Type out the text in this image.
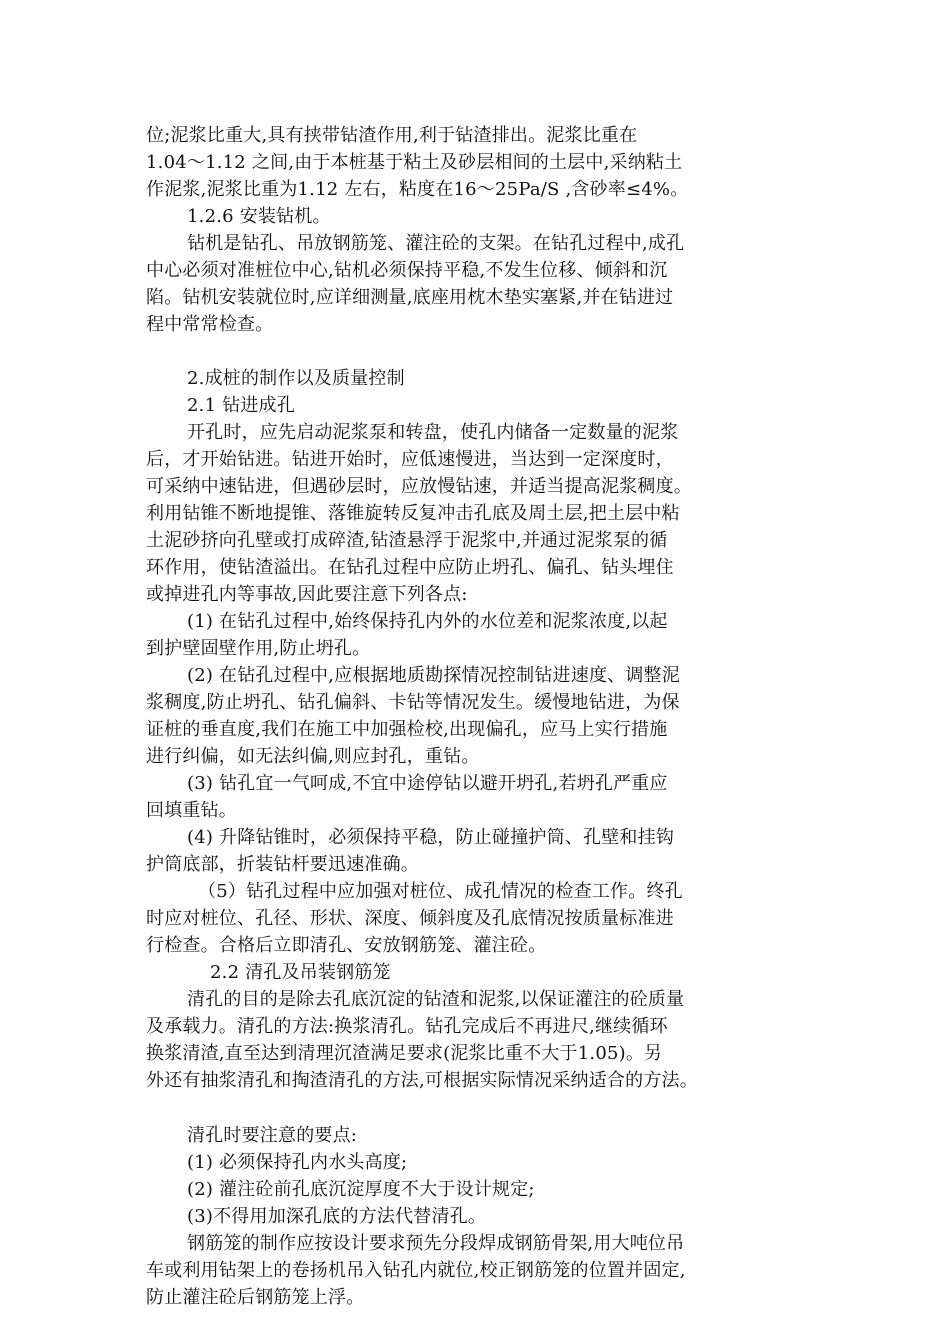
位;泥浆比重大,具有挟带钻渣作用,利于钻渣排出。泥浆比重在
1.04～1.12 之间,由于本桩基于粘土及砂层相间的土层中,采纳粘土
作泥浆,泥浆比重为1.12 左右，粘度在16～25Pa/S ,含砂率≤4%。
1.2.6 安装钻机。
钻机是钻孔、吊放钢筋笼、灌注砼的支架。在钻孔过程中,成孔
中心必须对准桩位中心,钻机必须保持平稳,不发生位移、倾斜和沉
陷。钻机安装就位时,应详细测量,底座用枕木垫实塞紧,并在钻进过
程中常常检查。
2.成桩的制作以及质量控制
2.1 钻进成孔
开孔时，应先启动泥浆泵和转盘，使孔内储备一定数量的泥浆
后，才开始钻进。钻进开始时，应低速慢进，当达到一定深度时，
可采纳中速钻进，但遇砂层时，应放慢钻速，并适当提高泥浆稠度。
利用钻锥不断地提锥、落锥旋转反复冲击孔底及周土层,把土层中粘
土泥砂挤向孔壁或打成碎渣,钻渣悬浮于泥浆中,并通过泥浆泵的循
环作用，使钻渣溢出。在钻孔过程中应防止坍孔、偏孔、钻头埋住
或掉进孔内等事故,因此要注意下列各点:
(1) 在钻孔过程中,始终保持孔内外的水位差和泥浆浓度,以起
到护壁固壁作用,防止坍孔。
(2) 在钻孔过程中,应根据地质勘探情况控制钻进速度、调整泥
浆稠度,防止坍孔、钻孔偏斜、卡钻等情况发生。缓慢地钻进，为保
证桩的垂直度,我们在施工中加强检校,出现偏孔，应马上实行措施
进行纠偏，如无法纠偏,则应封孔，重钻。
(3) 钻孔宜一气呵成,不宜中途停钻以避开坍孔,若坍孔严重应
回填重钻。
(4) 升降钻锥时，必须保持平稳，防止碰撞护筒、孔壁和挂钩
护筒底部，折装钻杆要迅速准确。
（5）钻孔过程中应加强对桩位、成孔情况的检查工作。终孔
时应对桩位、孔径、形状、深度、倾斜度及孔底情况按质量标准进
行检查。合格后立即清孔、安放钢筋笼、灌注砼。
2.2 清孔及吊装钢筋笼
清孔的目的是除去孔底沉淀的钻渣和泥浆,以保证灌注的砼质量
及承载力。清孔的方法:换浆清孔。钻孔完成后不再进尺,继续循环
换浆清渣,直至达到清理沉渣满足要求(泥浆比重不大于1.05)。另
外还有抽浆清孔和掏渣清孔的方法,可根据实际情况采纳适合的方法。
清孔时要注意的要点:
(1) 必须保持孔内水头高度;
(2) 灌注砼前孔底沉淀厚度不大于设计规定;
(3)不得用加深孔底的方法代替清孔。
钢筋笼的制作应按设计要求预先分段焊成钢筋骨架,用大吨位吊
车或利用钻架上的卷扬机吊入钻孔内就位,校正钢筋笼的位置并固定,
防止灌注砼后钢筋笼上浮。
